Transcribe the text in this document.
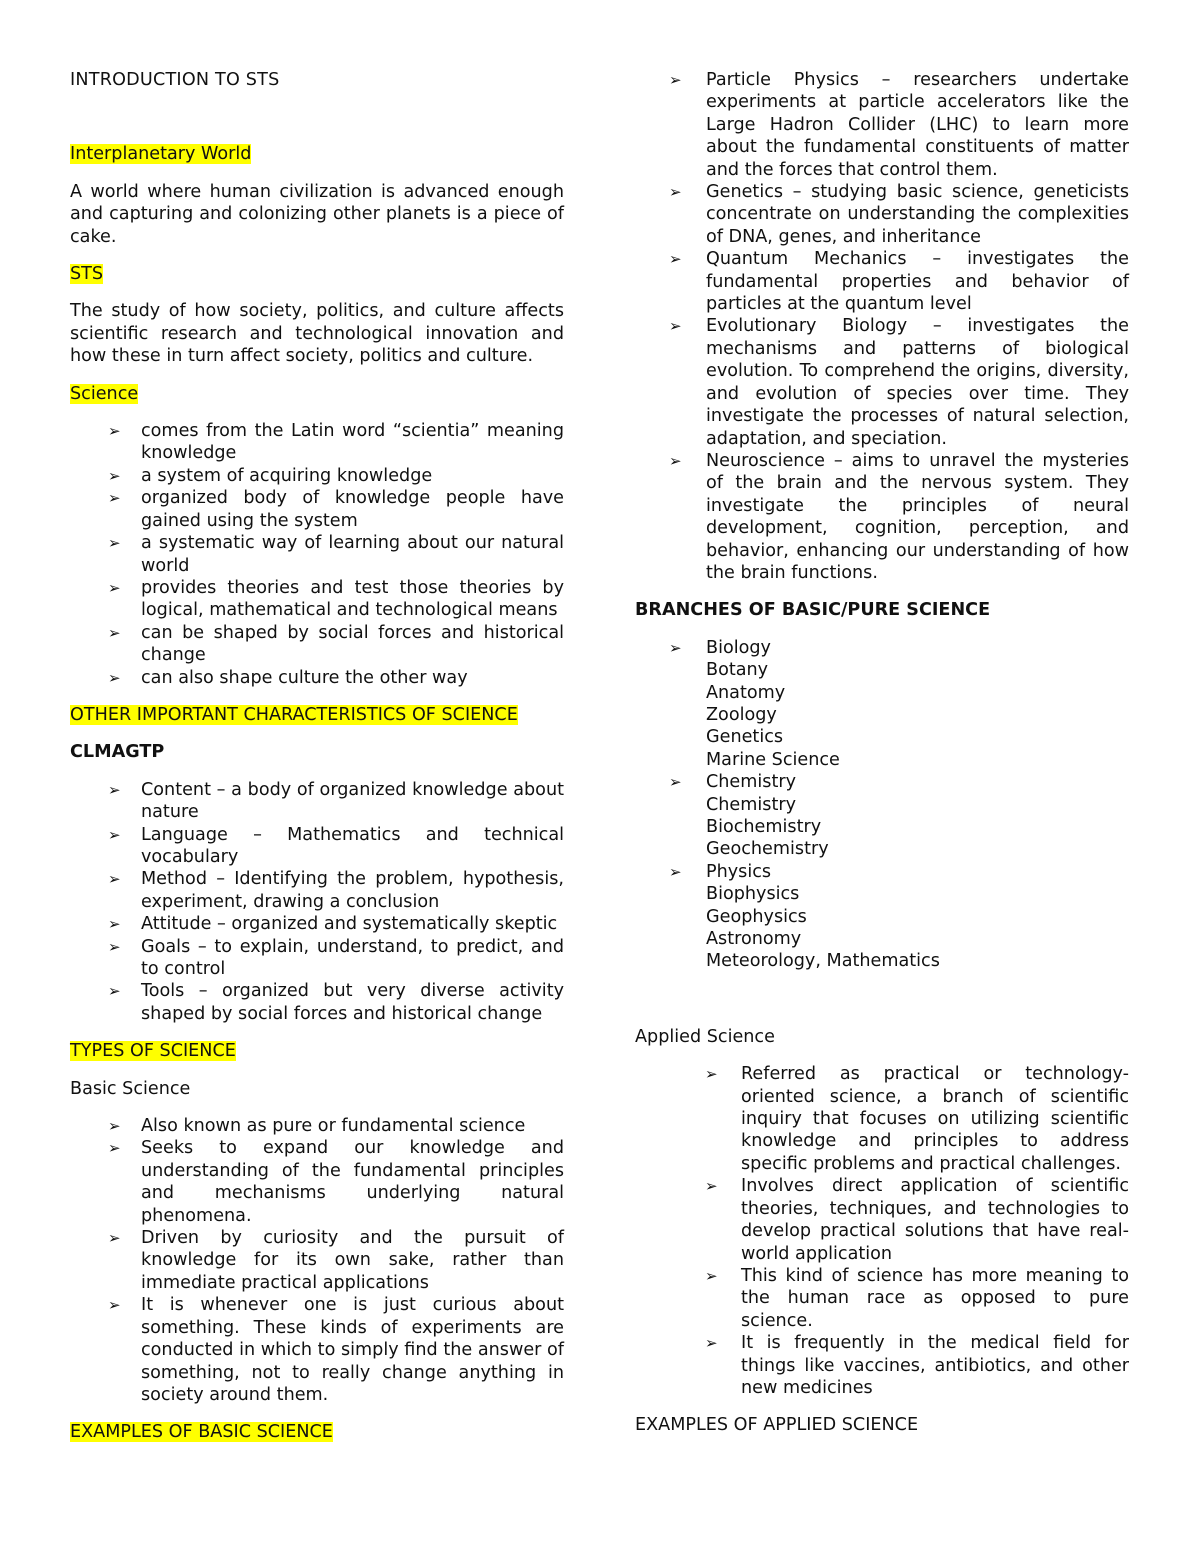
INTRODUCTION TO STS

Interplanetary World

A world where human civilization is advanced enough and capturing and colonizing other planets is a piece of cake.

STS

The study of how society, politics, and culture affects scientific research and technological innovation and how these in turn affect society, politics and culture.

Science

➢ comes from the Latin word “scientia” meaning knowledge
➢ a system of acquiring knowledge
➢ organized body of knowledge people have gained using the system
➢ a systematic way of learning about our natural world
➢ provides theories and test those theories by logical, mathematical and technological means
➢ can be shaped by social forces and historical change
➢ can also shape culture the other way

OTHER IMPORTANT CHARACTERISTICS OF SCIENCE

CLMAGTP

➢ Content – a body of organized knowledge about nature
➢ Language – Mathematics and technical vocabulary
➢ Method – Identifying the problem, hypothesis, experiment, drawing a conclusion
➢ Attitude – organized and systematically skeptic
➢ Goals – to explain, understand, to predict, and to control
➢ Tools – organized but very diverse activity shaped by social forces and historical change

TYPES OF SCIENCE

Basic Science

➢ Also known as pure or fundamental science
➢ Seeks to expand our knowledge and understanding of the fundamental principles and mechanisms underlying natural phenomena.
➢ Driven by curiosity and the pursuit of knowledge for its own sake, rather than immediate practical applications
➢ It is whenever one is just curious about something. These kinds of experiments are conducted in which to simply find the answer of something, not to really change anything in society around them.

EXAMPLES OF BASIC SCIENCE

➢ Particle Physics – researchers undertake experiments at particle accelerators like the Large Hadron Collider (LHC) to learn more about the fundamental constituents of matter and the forces that control them.
➢ Genetics – studying basic science, geneticists concentrate on understanding the complexities of DNA, genes, and inheritance
➢ Quantum Mechanics – investigates the fundamental properties and behavior of particles at the quantum level
➢ Evolutionary Biology – investigates the mechanisms and patterns of biological evolution. To comprehend the origins, diversity, and evolution of species over time. They investigate the processes of natural selection, adaptation, and speciation.
➢ Neuroscience – aims to unravel the mysteries of the brain and the nervous system. They investigate the principles of neural development, cognition, perception, and behavior, enhancing our understanding of how the brain functions.

BRANCHES OF BASIC/PURE SCIENCE

➢ Biology
Botany
Anatomy
Zoology
Genetics
Marine Science
➢ Chemistry
Chemistry
Biochemistry
Geochemistry
➢ Physics
Biophysics
Geophysics
Astronomy
Meteorology, Mathematics

Applied Science

➢ Referred as practical or technology-oriented science, a branch of scientific inquiry that focuses on utilizing scientific knowledge and principles to address specific problems and practical challenges.
➢ Involves direct application of scientific theories, techniques, and technologies to develop practical solutions that have real-world application
➢ This kind of science has more meaning to the human race as opposed to pure science.
➢ It is frequently in the medical field for things like vaccines, antibiotics, and other new medicines

EXAMPLES OF APPLIED SCIENCE
